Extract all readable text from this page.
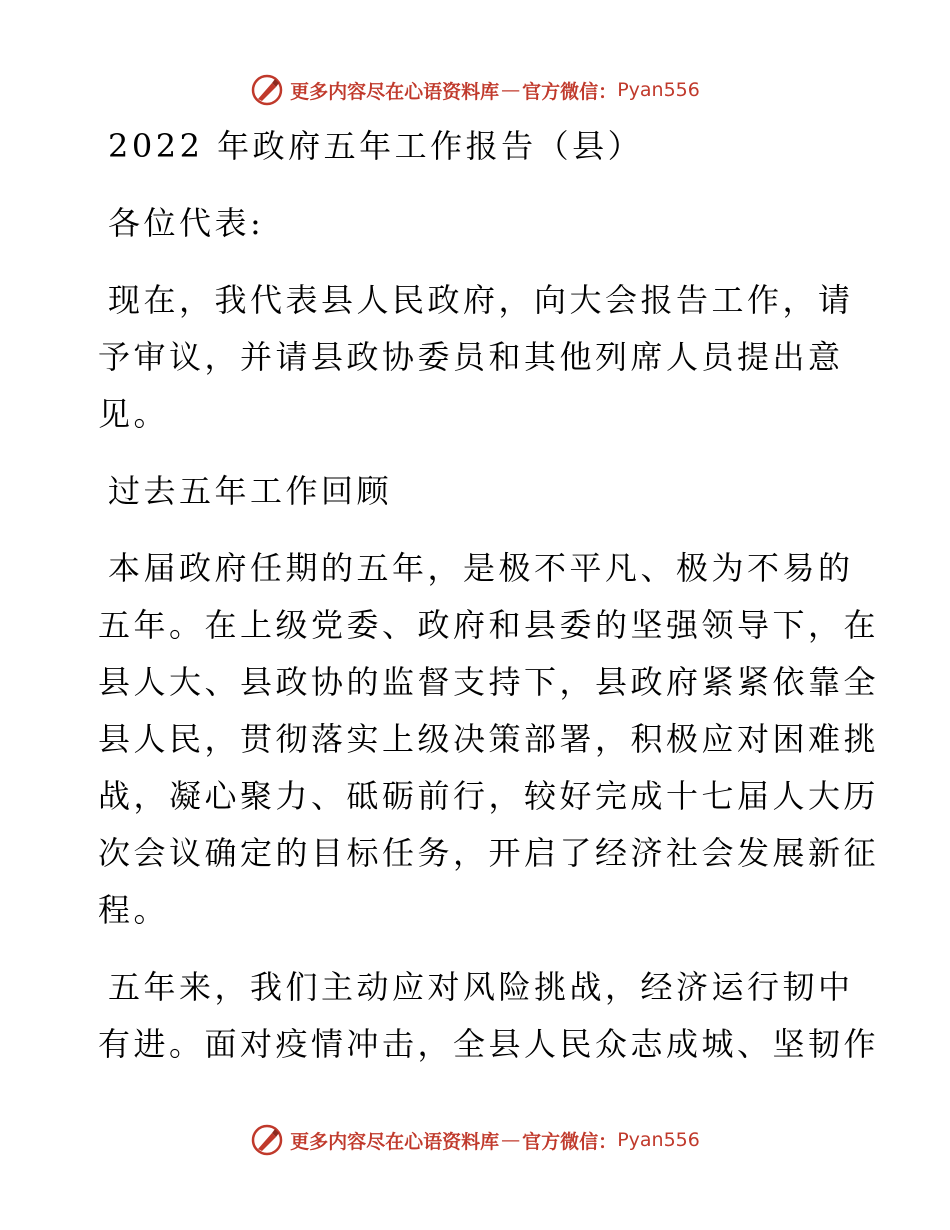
更多内容尽在心语资料库 — 官方微信： Pyan556
2022 年政府五年工作报告（县）
各位代表:
现在，我代表县人民政府，向大会报告工作，请
予审议，并请县政协委员和其他列席人员提出意
见。
过去五年工作回顾
本届政府任期的五年，是极不平凡、极为不易的
五年。在上级党委、政府和县委的坚强领导下，在
县人大、县政协的监督支持下，县政府紧紧依靠全
县人民，贯彻落实上级决策部署，积极应对困难挑
战，凝心聚力、砥砺前行，较好完成十七届人大历
次会议确定的目标任务，开启了经济社会发展新征
程。
五年来，我们主动应对风险挑战，经济运行韧中
有进。面对疫情冲击，全县人民众志成城、坚韧作
更多内容尽在心语资料库 — 官方微信： Pyan556
